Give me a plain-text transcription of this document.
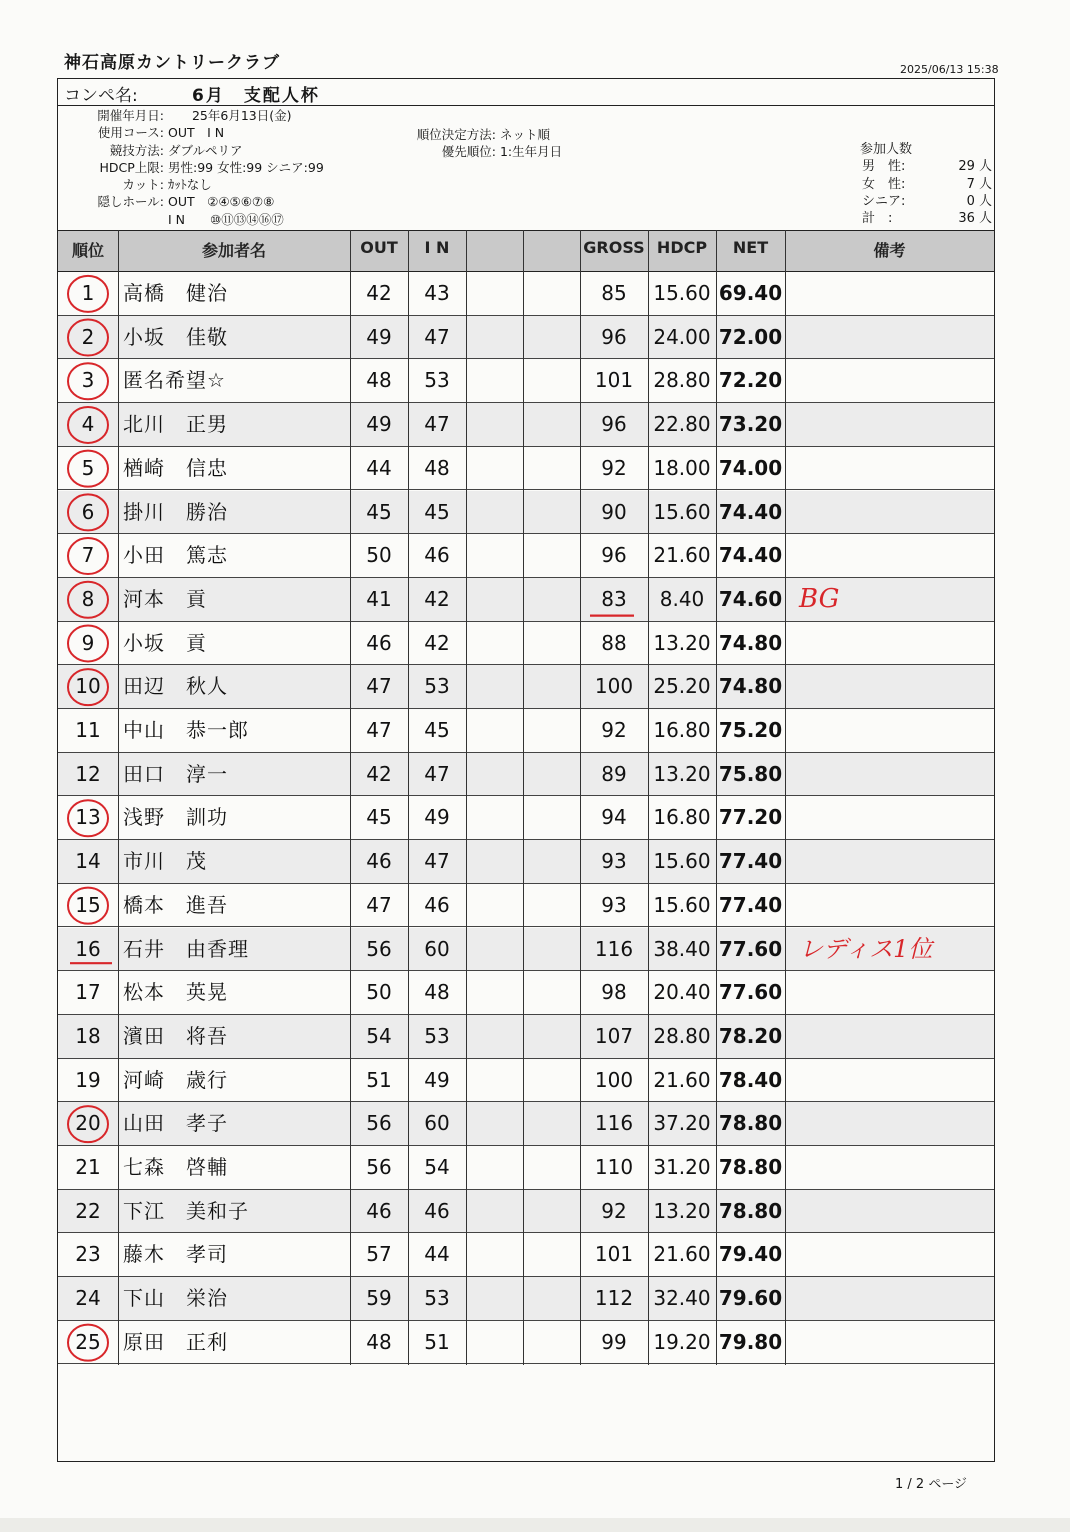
神石高原カントリークラブ	2025/06/13 15:38
コンペ名:	6月　支配人杯
開催年月日: 25年6月13日(金)
使用コース: OUT　I N
競技方法: ダブルペリア
HDCP上限: 男性:99 女性:99 シニア:99
カット: ｶｯﾄなし
隠しホール: OUT　②④⑤⑥⑦⑧
I N　　⑩⑪⑬⑭⑯⑰
順位決定方法: ネット順
優先順位: 1:生年月日	参加人数
男　性:	29 人
女　性:	7 人
シニア:	0 人
計　:	36 人
順位	参加者名	OUT	I N	GROSS HDCP	NET	備考
1	高橋　健治	42	43	85	15.60 69.40
2	小坂　佳敬	49	47	96	24.00 72.00
3	匿名希望☆	48	53	101	28.80 72.20
4	北川　正男	49	47	96	22.80 73.20
5	楢崎　信忠	44	48	92	18.00 74.00
6	掛川　勝治	45	45	90	15.60 74.40
7	小田　篤志	50	46	96	21.60 74.40
8	河本　貢	41	42	83	8.40 74.60 BG
9	小坂　貢	46	42	88	13.20 74.80
10	田辺　秋人	47	53	100	25.20 74.80
11	中山　恭一郎	47	45	92	16.80 75.20
12	田口　淳一	42	47	89	13.20 75.80
13	浅野　訓功	45	49	94	16.80 77.20
14	市川　茂	46	47	93	15.60 77.40
15	橋本　進吾	47	46	93	15.60 77.40
16	石井　由香理	56	60	116	38.40 77.60 レディス1位
17	松本　英晃	50	48	98	20.40 77.60
18	濱田　将吾	54	53	107	28.80 78.20
19	河崎　歳行	51	49	100	21.60 78.40
20	山田　孝子	56	60	116	37.20 78.80
21	七森　啓輔	56	54	110	31.20 78.80
22	下江　美和子	46	46	92	13.20 78.80
23	藤木　孝司	57	44	101	21.60 79.40
24	下山　栄治	59	53	112	32.40 79.60
25	原田　正利	48	51	99	19.20 79.80
1 / 2 ページ
